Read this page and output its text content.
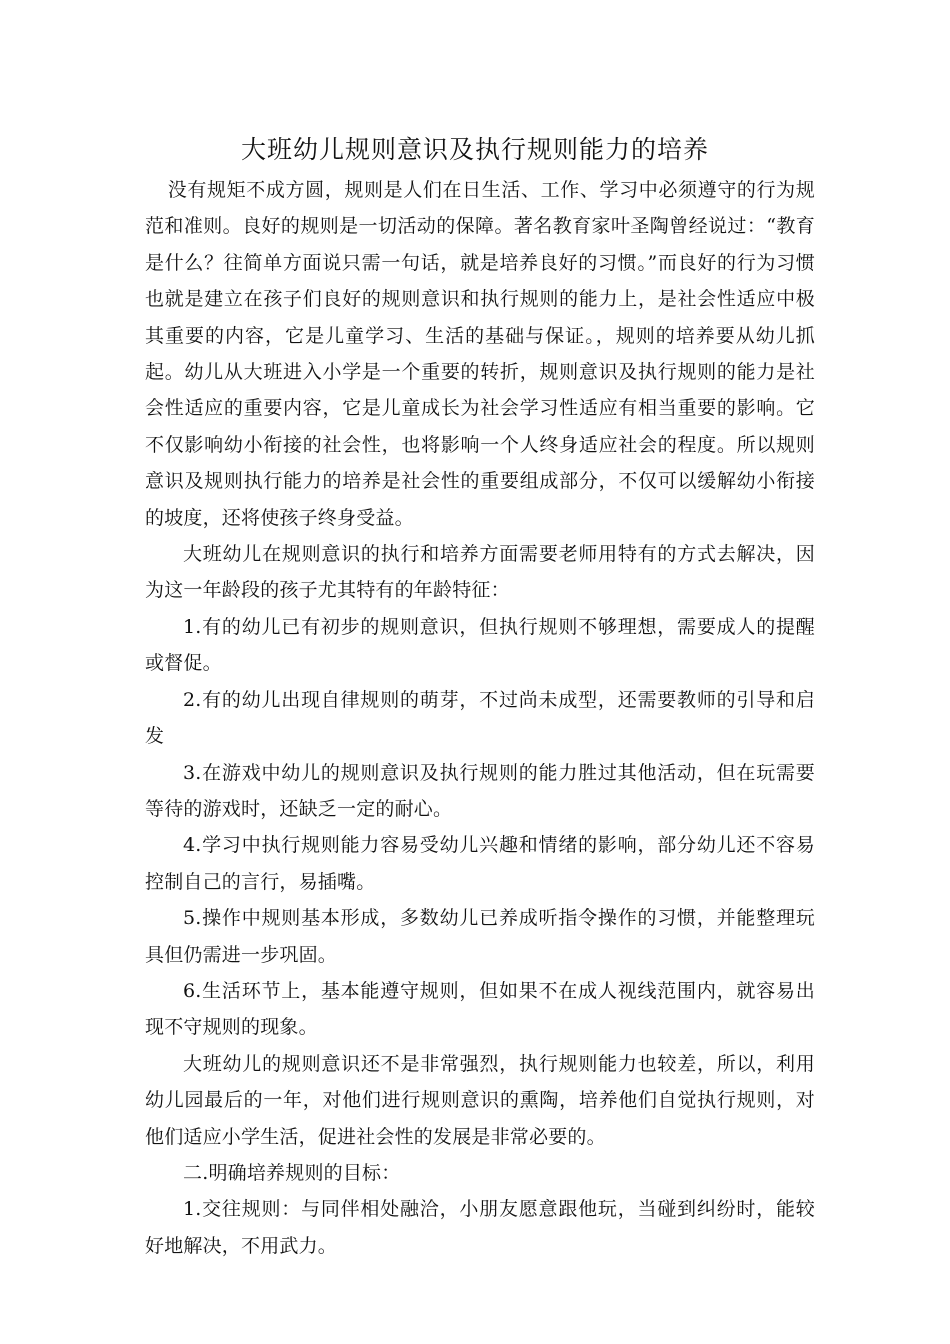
大班幼儿规则意识及执行规则能力的培养

没有规矩不成方圆，规则是人们在日生活、工作、学习中必须遵守的行为规范和准则。良好的规则是一切活动的保障。著名教育家叶圣陶曾经说过：“教育是什么？往简单方面说只需一句话，就是培养良好的习惯。”而良好的行为习惯也就是建立在孩子们良好的规则意识和执行规则的能力上，是社会性适应中极其重要的内容，它是儿童学习、生活的基础与保证。，规则的培养要从幼儿抓起。幼儿从大班进入小学是一个重要的转折，规则意识及执行规则的能力是社会性适应的重要内容，它是儿童成长为社会学习性适应有相当重要的影响。它不仅影响幼小衔接的社会性，也将影响一个人终身适应社会的程度。所以规则意识及规则执行能力的培养是社会性的重要组成部分，不仅可以缓解幼小衔接的坡度，还将使孩子终身受益。

大班幼儿在规则意识的执行和培养方面需要老师用特有的方式去解决，因为这一年龄段的孩子尤其特有的年龄特征：

1.有的幼儿已有初步的规则意识，但执行规则不够理想，需要成人的提醒或督促。

2.有的幼儿出现自律规则的萌芽，不过尚未成型，还需要教师的引导和启发

3.在游戏中幼儿的规则意识及执行规则的能力胜过其他活动，但在玩需要等待的游戏时，还缺乏一定的耐心。

4.学习中执行规则能力容易受幼儿兴趣和情绪的影响，部分幼儿还不容易控制自己的言行，易插嘴。

5.操作中规则基本形成，多数幼儿已养成听指令操作的习惯，并能整理玩具但仍需进一步巩固。

6.生活环节上，基本能遵守规则，但如果不在成人视线范围内，就容易出现不守规则的现象。

大班幼儿的规则意识还不是非常强烈，执行规则能力也较差，所以，利用幼儿园最后的一年，对他们进行规则意识的熏陶，培养他们自觉执行规则，对他们适应小学生活，促进社会性的发展是非常必要的。

二.明确培养规则的目标：

1.交往规则：与同伴相处融洽，小朋友愿意跟他玩，当碰到纠纷时，能较好地解决，不用武力。
